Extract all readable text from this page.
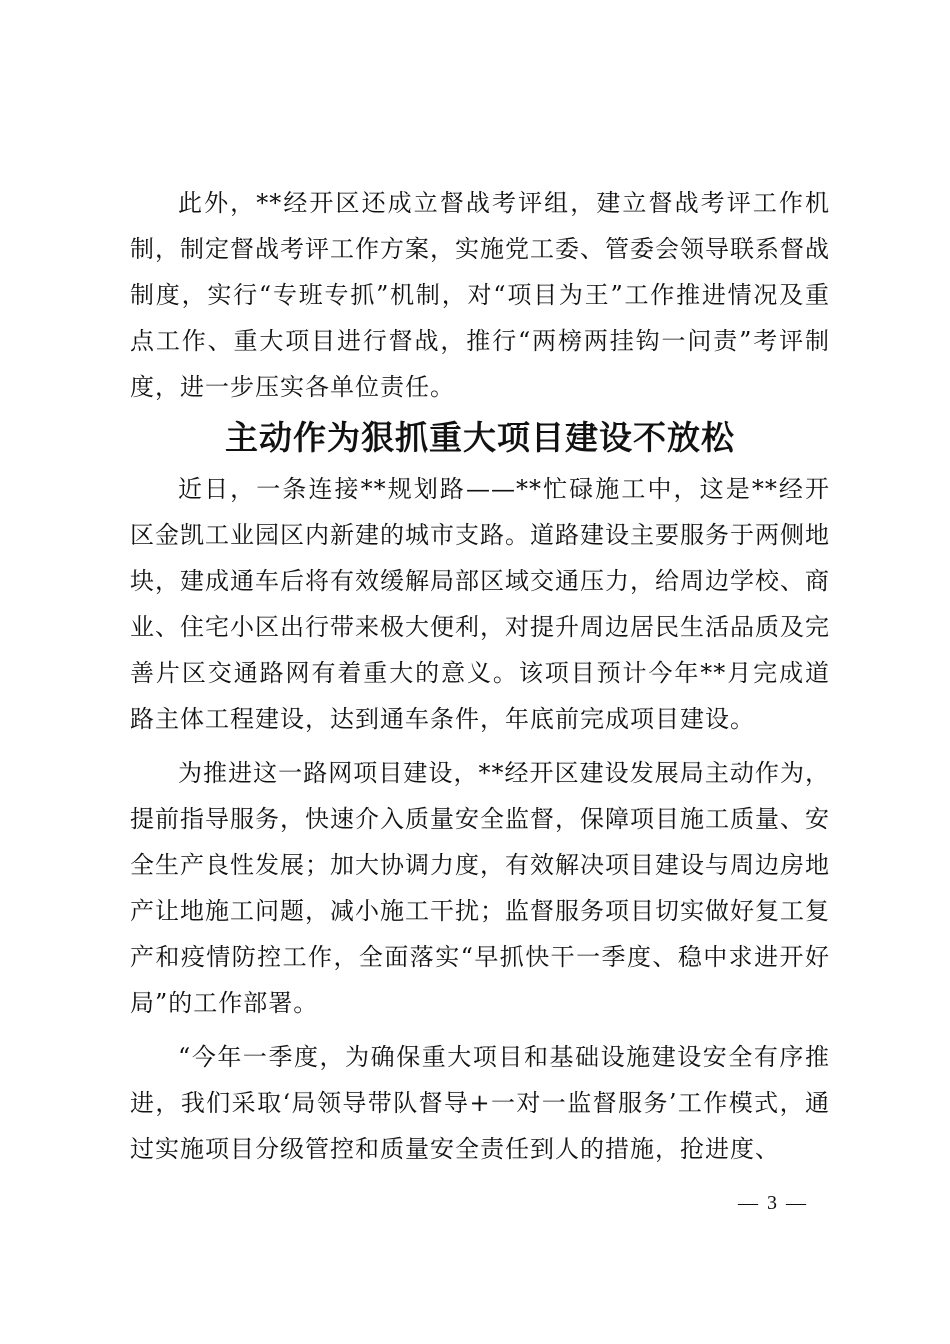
此外，**经开区还成立督战考评组，建立督战考评工作机制，制定督战考评工作方案，实施党工委、管委会领导联系督战制度，实行“专班专抓”机制，对“项目为王”工作推进情况及重点工作、重大项目进行督战，推行“两榜两挂钩一问责”考评制度，进一步压实各单位责任。

主动作为狠抓重大项目建设不放松

近日，一条连接**规划路——**忙碌施工中，这是**经开区金凯工业园区内新建的城市支路。道路建设主要服务于两侧地块，建成通车后将有效缓解局部区域交通压力，给周边学校、商业、住宅小区出行带来极大便利，对提升周边居民生活品质及完善片区交通路网有着重大的意义。该项目预计今年**月完成道路主体工程建设，达到通车条件，年底前完成项目建设。

为推进这一路网项目建设，**经开区建设发展局主动作为，提前指导服务，快速介入质量安全监督，保障项目施工质量、安全生产良性发展；加大协调力度，有效解决项目建设与周边房地产让地施工问题，减小施工干扰；监督服务项目切实做好复工复产和疫情防控工作，全面落实“早抓快干一季度、稳中求进开好局”的工作部署。

“今年一季度，为确保重大项目和基础设施建设安全有序推进，我们采取‘局领导带队督导+一对一监督服务’工作模式，通过实施项目分级管控和质量安全责任到人的措施，抢进度、

— 3 —
